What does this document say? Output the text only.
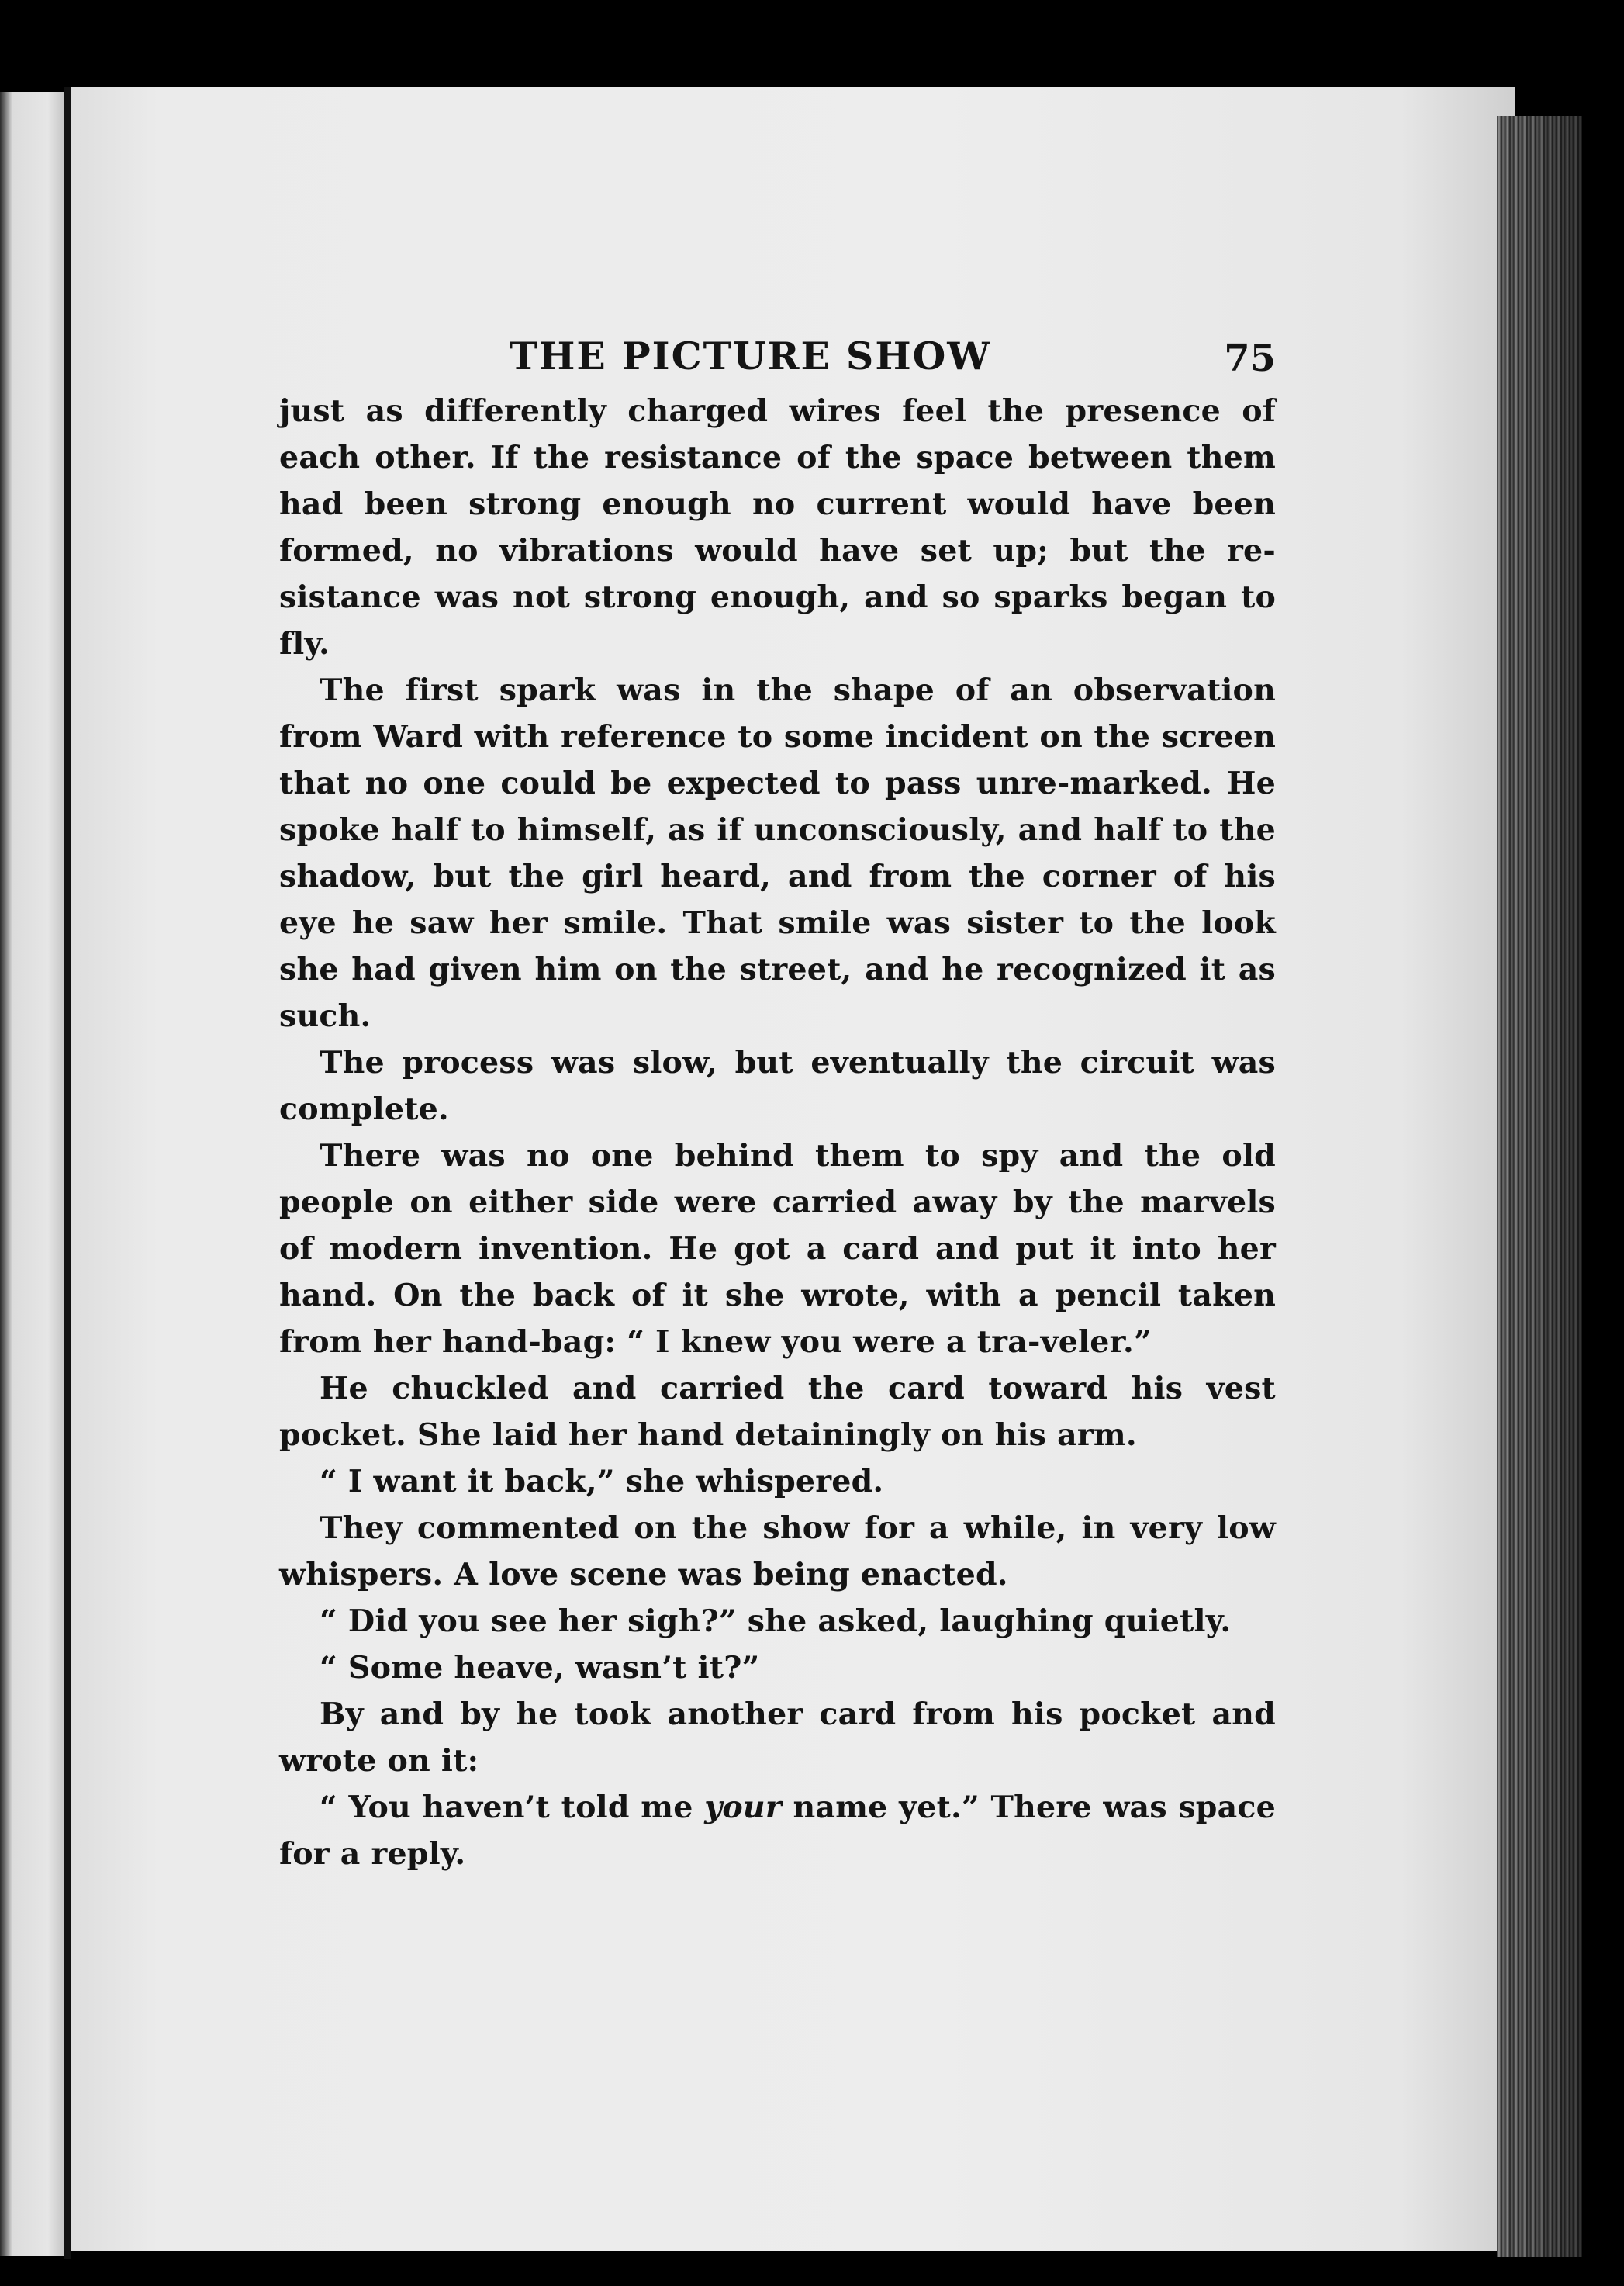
THE PICTURE SHOW	75

just as differently charged wires feel the presence of each other. If the resistance of the space between them had been strong enough no current would have been formed, no vibrations would have set up; but the re-sistance was not strong enough, and so sparks began to fly.

The first spark was in the shape of an observation from Ward with reference to some incident on the screen that no one could be expected to pass unre-marked. He spoke half to himself, as if unconsciously, and half to the shadow, but the girl heard, and from the corner of his eye he saw her smile. That smile was sister to the look she had given him on the street, and he recognized it as such.

The process was slow, but eventually the circuit was complete.

There was no one behind them to spy and the old people on either side were carried away by the marvels of modern invention. He got a card and put it into her hand. On the back of it she wrote, with a pencil taken from her hand-bag: “ I knew you were a tra-veler.”

He chuckled and carried the card toward his vest pocket. She laid her hand detainingly on his arm.

“ I want it back,” she whispered.

They commented on the show for a while, in very low whispers. A love scene was being enacted.

“ Did you see her sigh?” she asked, laughing quietly.

“ Some heave, wasn’t it?”

By and by he took another card from his pocket and wrote on it:

“ You haven’t told me your name yet.” There was space for a reply.
